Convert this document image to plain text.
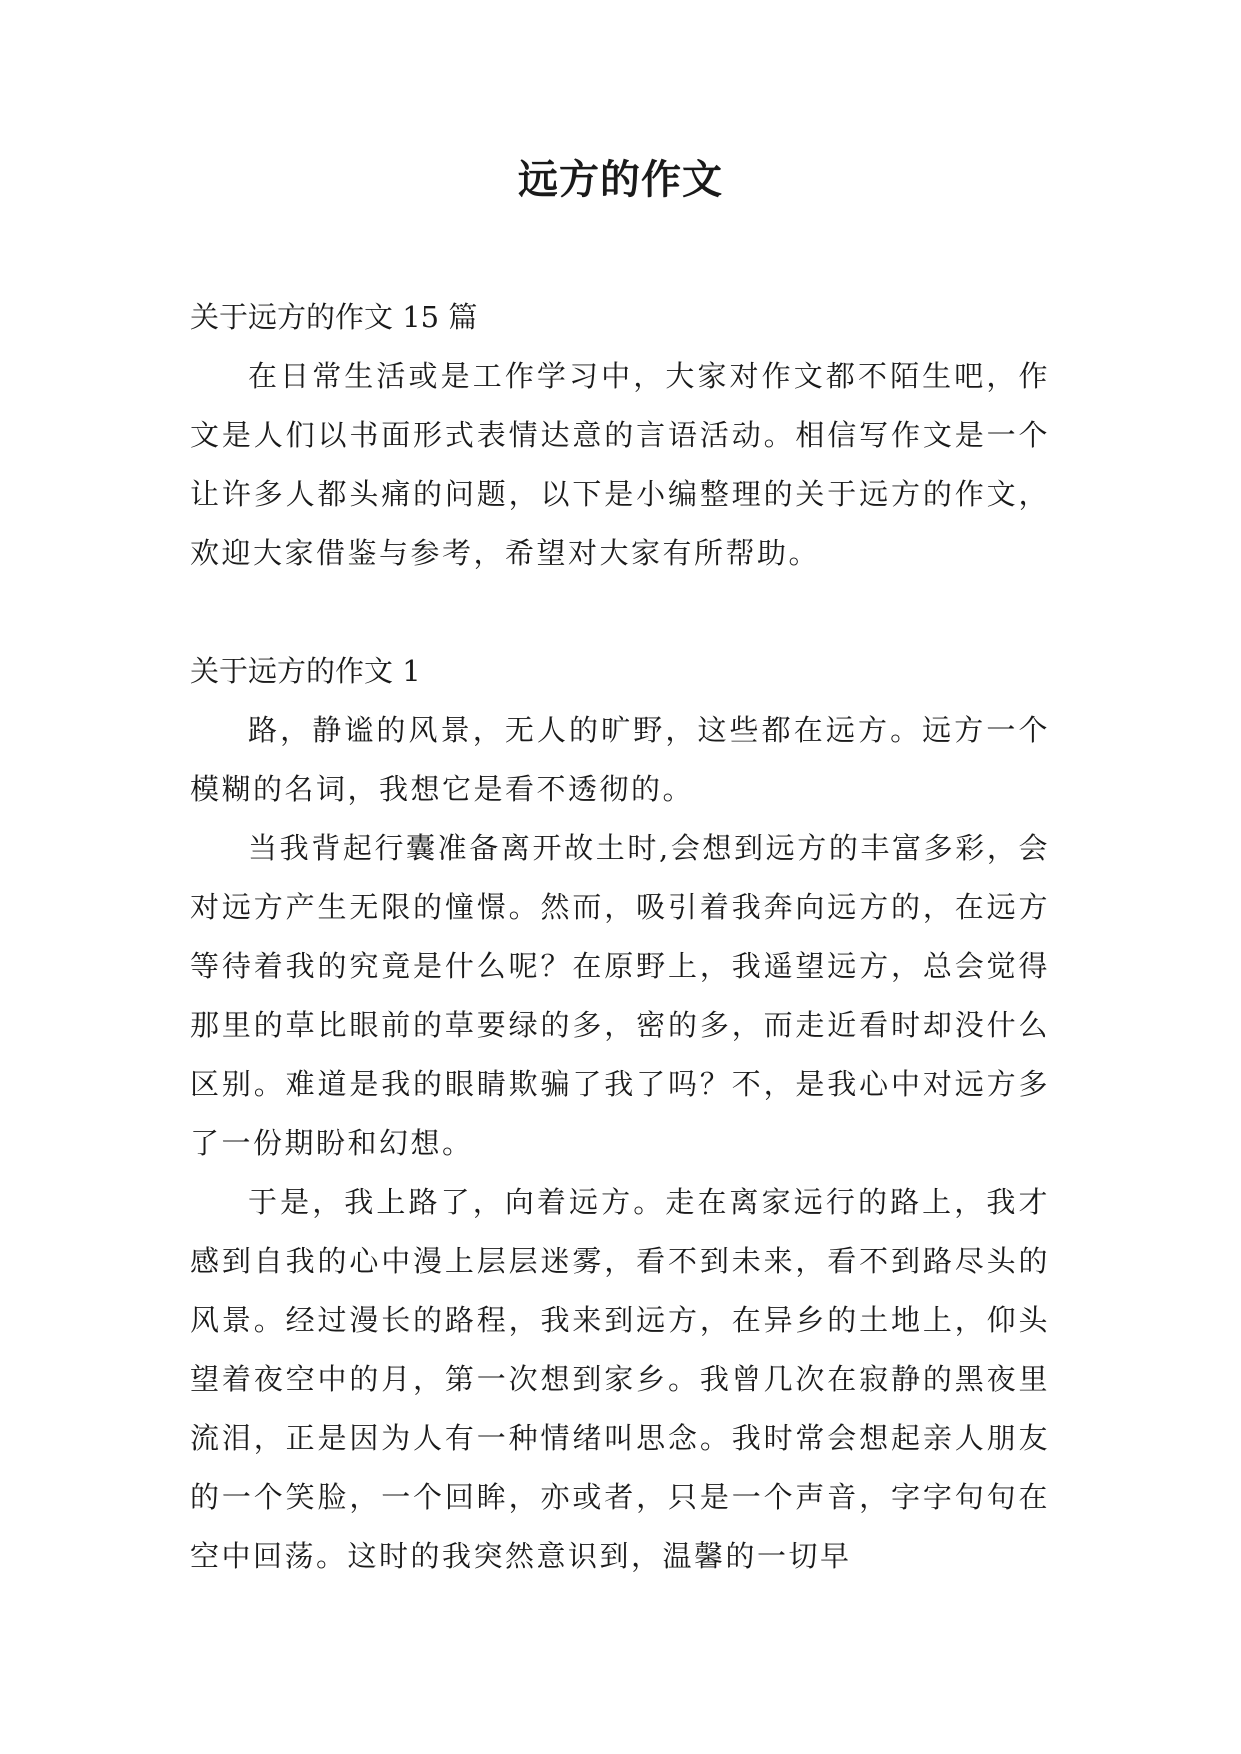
远方的作文

关于远方的作文 15 篇

在日常生活或是工作学习中，大家对作文都不陌生吧，作文是人们以书面形式表情达意的言语活动。相信写作文是一个让许多人都头痛的问题，以下是小编整理的关于远方的作文，欢迎大家借鉴与参考，希望对大家有所帮助。

关于远方的作文 1

路，静谧的风景，无人的旷野，这些都在远方。远方一个模糊的名词，我想它是看不透彻的。

当我背起行囊准备离开故土时,会想到远方的丰富多彩，会对远方产生无限的憧憬。然而，吸引着我奔向远方的，在远方等待着我的究竟是什么呢？在原野上，我遥望远方，总会觉得那里的草比眼前的草要绿的多，密的多，而走近看时却没什么区别。难道是我的眼睛欺骗了我了吗？不，是我心中对远方多了一份期盼和幻想。

于是，我上路了，向着远方。走在离家远行的路上，我才感到自我的心中漫上层层迷雾，看不到未来，看不到路尽头的风景。经过漫长的路程，我来到远方，在异乡的土地上，仰头望着夜空中的月，第一次想到家乡。我曾几次在寂静的黑夜里流泪，正是因为人有一种情绪叫思念。我时常会想起亲人朋友的一个笑脸，一个回眸，亦或者，只是一个声音，字字句句在空中回荡。这时的我突然意识到，温馨的一切早
